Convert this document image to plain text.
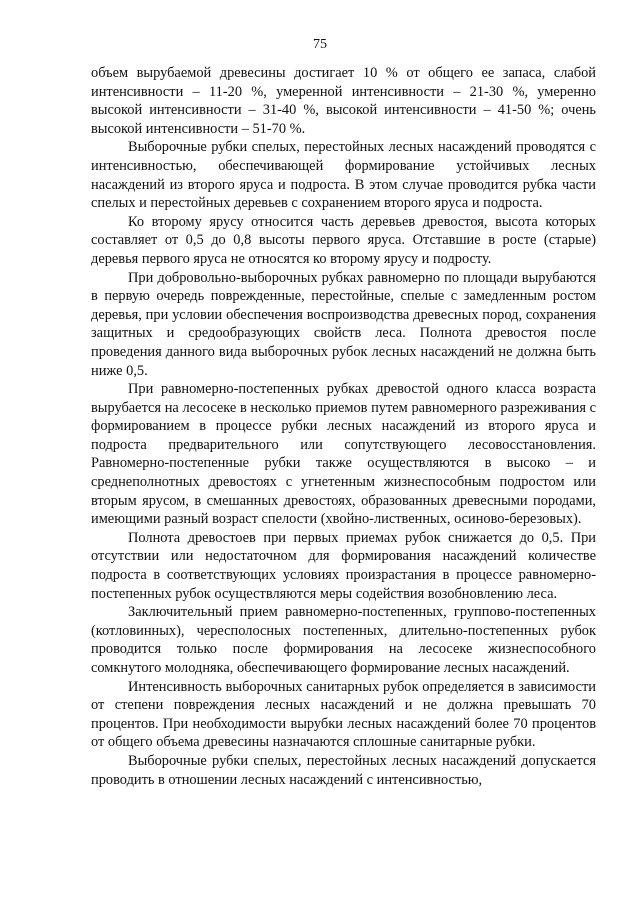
75

объем вырубаемой древесины достигает 10 % от общего ее запаса, слабой интенсивности – 11-20 %, умеренной интенсивности – 21-30 %, умеренно высокой интенсивности – 31-40 %, высокой интенсивности – 41-50 %; очень высокой интенсивности – 51-70 %.

Выборочные рубки спелых, перестойных лесных насаждений проводятся с интенсивностью, обеспечивающей формирование устойчивых лесных насаждений из второго яруса и подроста. В этом случае проводится рубка части спелых и перестойных деревьев с сохранением второго яруса и подроста.

Ко второму ярусу относится часть деревьев древостоя, высота которых составляет от 0,5 до 0,8 высоты первого яруса. Отставшие в росте (старые) деревья первого яруса не относятся ко второму ярусу и подросту.

При добровольно-выборочных рубках равномерно по площади вырубаются в первую очередь поврежденные, перестойные, спелые с замедленным ростом деревья, при условии обеспечения воспроизводства древесных пород, сохранения защитных и средообразующих свойств леса. Полнота древостоя после проведения данного вида выборочных рубок лесных насаждений не должна быть ниже 0,5.

При равномерно-постепенных рубках древостой одного класса возраста вырубается на лесосеке в несколько приемов путем равномерного разреживания с формированием в процессе рубки лесных насаждений из второго яруса и подроста предварительного или сопутствующего лесовосстановления. Равномерно-постепенные рубки также осуществляются в высоко – и среднеполнотных древостоях с угнетенным жизнеспособным подростом или вторым ярусом, в смешанных древостоях, образованных древесными породами, имеющими разный возраст спелости (хвойно-лиственных, осиново-березовых).

Полнота древостоев при первых приемах рубок снижается до 0,5. При отсутствии или недостаточном для формирования насаждений количестве подроста в соответствующих условиях произрастания в процессе равномерно-постепенных рубок осуществляются меры содействия возобновлению леса.

Заключительный прием равномерно-постепенных, группово-постепенных (котловинных), чересполосных постепенных, длительно-постепенных рубок проводится только после формирования на лесосеке жизнеспособного сомкнутого молодняка, обеспечивающего формирование лесных насаждений.

Интенсивность выборочных санитарных рубок определяется в зависимости от степени повреждения лесных насаждений и не должна превышать 70 процентов. При необходимости вырубки лесных насаждений более 70 процентов от общего объема древесины назначаются сплошные санитарные рубки.

Выборочные рубки спелых, перестойных лесных насаждений допускается проводить в отношении лесных насаждений с интенсивностью,
